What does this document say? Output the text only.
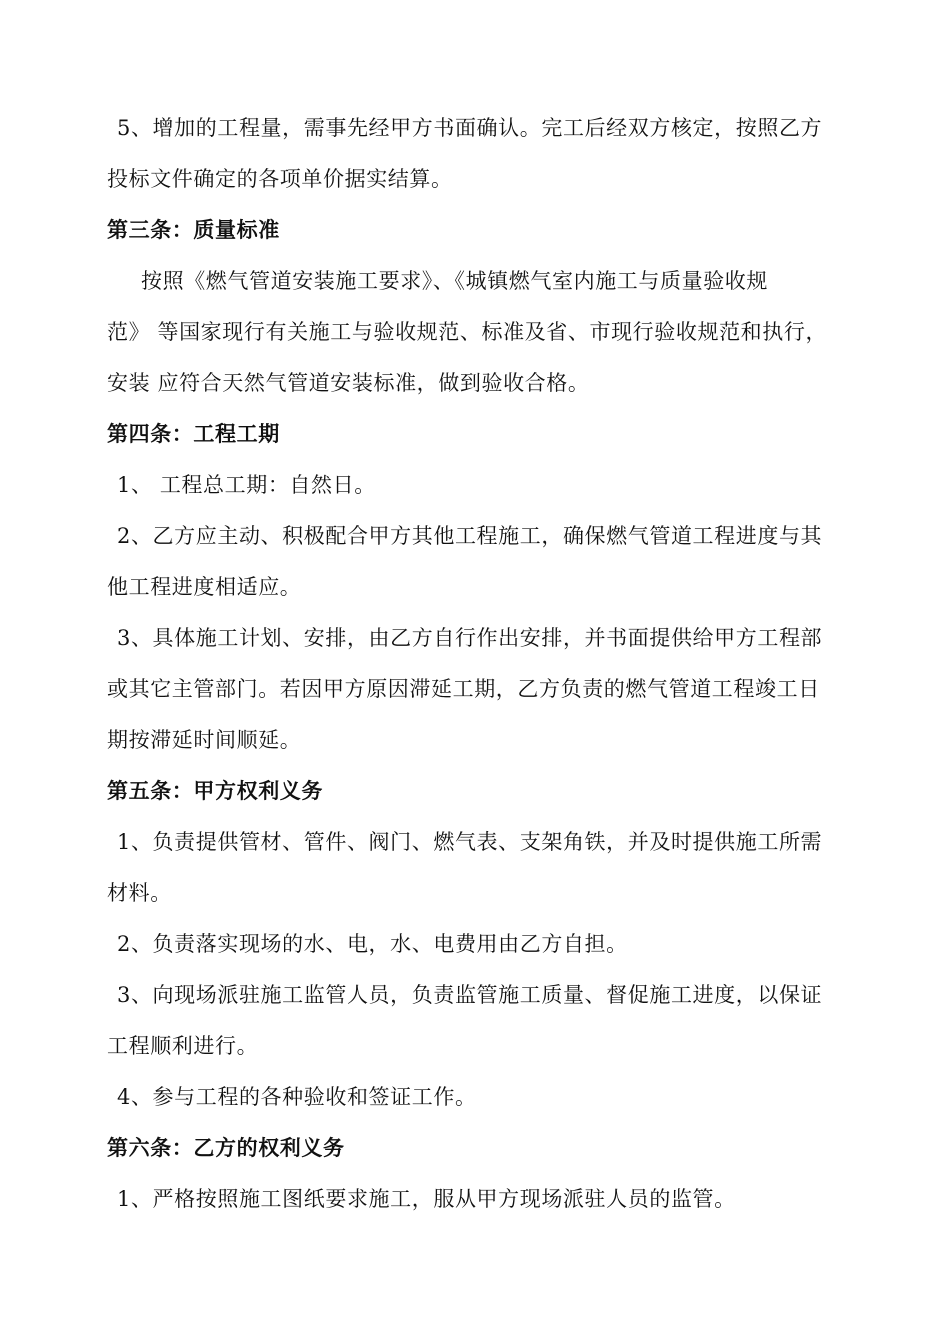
5、增加的工程量，需事先经甲方书面确认。完工后经双方核定，按照乙方
投标文件确定的各项单价据实结算。
第三条：质量标准
按照《燃气管道安装施工要求》、《城镇燃气室内施工与质量验收规
范》 等国家现行有关施工与验收规范、标准及省、市现行验收规范和执行，
安装 应符合天然气管道安装标准，做到验收合格。
第四条：工程工期
1、 工程总工期：自然日。
2、乙方应主动、积极配合甲方其他工程施工，确保燃气管道工程进度与其
他工程进度相适应。
3、具体施工计划、安排，由乙方自行作出安排，并书面提供给甲方工程部
或其它主管部门。若因甲方原因滞延工期，乙方负责的燃气管道工程竣工日
期按滞延时间顺延。
第五条：甲方权利义务
1、负责提供管材、管件、阀门、燃气表、支架角铁，并及时提供施工所需
材料。
2、负责落实现场的水、电，水、电费用由乙方自担。
3、向现场派驻施工监管人员，负责监管施工质量、督促施工进度，以保证
工程顺利进行。
4、参与工程的各种验收和签证工作。
第六条：乙方的权利义务
1、严格按照施工图纸要求施工，服从甲方现场派驻人员的监管。
